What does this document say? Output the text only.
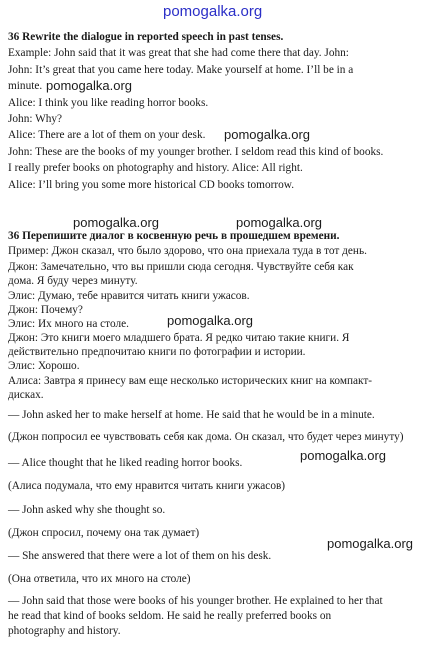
pomogalka.org
36 Rewrite the dialogue in reported speech in past tenses.
Example: John said that it was great that she had come there that day. John:
John: It’s great that you came here today. Make yourself at home. I’ll be in a
minute.
Alice: I think you like reading horror books.
John: Why?
Alice: There are a lot of them on your desk.
John: These are the books of my younger brother. I seldom read this kind of books.
I really prefer books on photography and history. Alice: All right.
Alice: I’ll bring you some more historical CD books tomorrow.
pomogalka.org
pomogalka.org
pomogalka.org	pomogalka.org
36 Перепишите диалог в косвенную речь в прошедшем времени.
Пример: Джон сказал, что было здорово, что она приехала туда в тот день.
Джон: Замечательно, что вы пришли сюда сегодня. Чувствуйте себя как
дома. Я буду через минуту.
Элис: Думаю, тебе нравится читать книги ужасов.
Джон: Почему?
Элис: Их много на столе.
Джон: Это книги моего младшего брата. Я редко читаю такие книги. Я
действительно предпочитаю книги по фотографии и истории.
Элис: Хорошо.
Алиса: Завтра я принесу вам еще несколько исторических книг на компакт-
дисках.
pomogalka.org
— John asked her to make herself at home. He said that he would be in a minute.
(Джон попросил ее чувствовать себя как дома. Он сказал, что будет через минуту)
— Alice thought that he liked reading horror books.
(Алиса подумала, что ему нравится читать книги ужасов)
— John asked why she thought so.
(Джон спросил, почему она так думает)
— She answered that there were a lot of them on his desk.
(Она ответила, что их много на столе)
— John said that those were books of his younger brother. He explained to her that
he read that kind of books seldom. He said he really preferred books on
photography and history.
pomogalka.org
pomogalka.org
